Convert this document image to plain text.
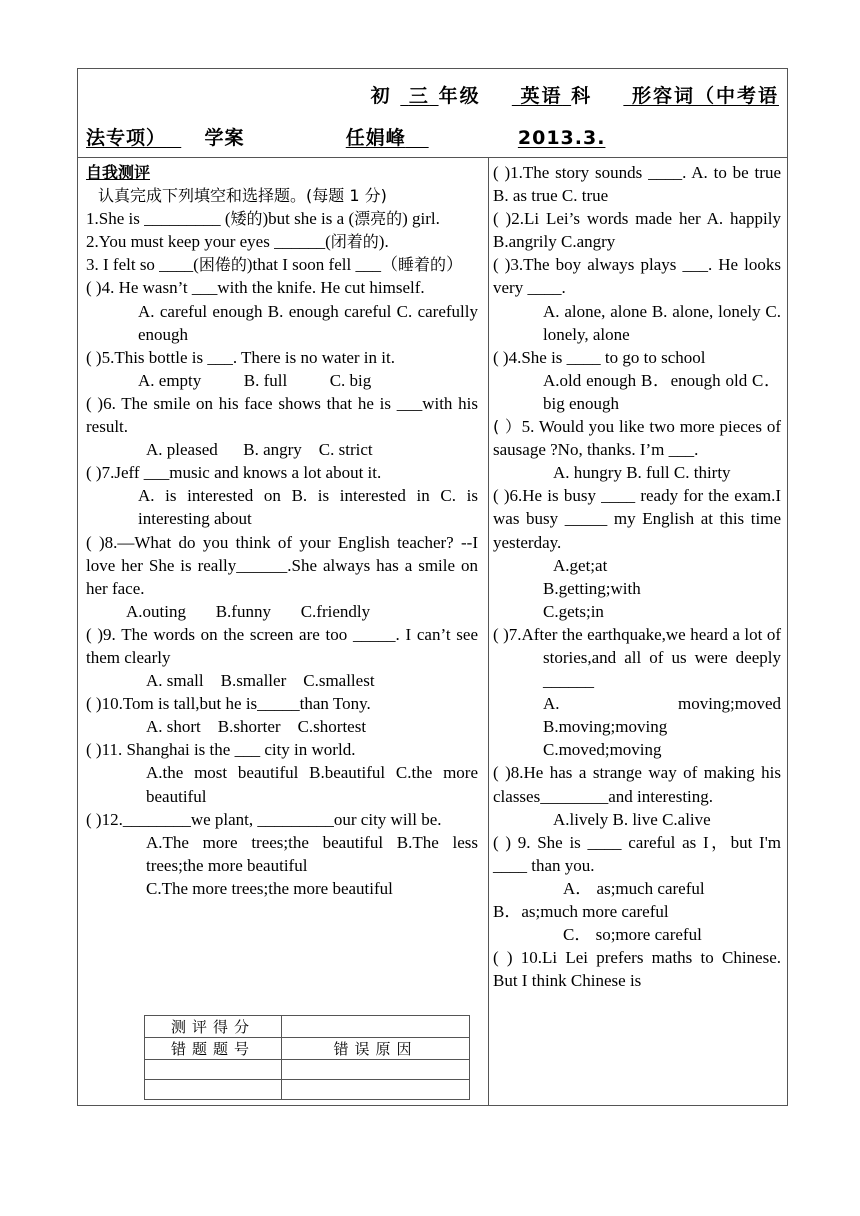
初 三 年级 英语 科 形容词（中考语
法专项） 学案	任娟峰	2013.3.

自我测评

认真完成下列填空和选择题。(每题 1 分)

1.She is _________ (矮的)but she is a (漂亮的) girl.

2.You must keep your eyes ______(闭着的).

3. I felt so ____(困倦的)that I soon fell ___（睡着的）

( )4. He wasn’t ___with the knife. He cut himself.

A. careful enough B. enough careful C. carefully enough

( )5.This bottle is ___. There is no water in it.

A. empty          B. full          C. big

( )6. The smile on his face shows that he is ___with his result.

A. pleased      B. angry    C. strict

( )7.Jeff ___music and knows a lot about it.

A. is interested on B. is interested in C. is interesting about

( )8.—What do you think of your English teacher? --I love her She is really______.She always has a smile on her face.

A.outing       B.funny       C.friendly

( )9. The words on the screen are too _____. I can’t see them clearly

A. small    B.smaller    C.smallest

( )10.Tom is tall,but he is_____than Tony.

A. short    B.shorter    C.shortest

( )11. Shanghai is the ___ city in world.

A.the most beautiful B.beautiful C.the more beautiful

( )12.________we plant, _________our city will be.

A.The more trees;the beautiful B.The less trees;the more beautiful

C.The more trees;the more beautiful

测评得分	
错题题号	错误原因

( )1.The story sounds ____. A. to be true B. as true C. true

( )2.Li Lei’s words made her A. happily B.angrily C.angry

( )3.The boy always plays ___. He looks very ____.

A. alone, alone B. alone, lonely C. lonely, alone

( )4.She is ____ to go to school

A.old enough B．enough old C．big enough

( ）5. Would you like two more pieces of sausage ?No, thanks. I’m ___.

A. hungry B. full C. thirty

( )6.He is busy ____ ready for the exam.I was busy _____ my English at this time yesterday.

A.get;at

B.getting;with

C.gets;in

( )7.After the earthquake,we heard a lot of stories,and all of us were deeply ______

A. moving;moved B.moving;moving C.moved;moving

( )8.He has a strange way of making his classes________and interesting.

A.lively B. live C.alive

( ) 9. She is ____ careful as I，but I'm ____ than you.

A． as;much careful

B．as;much more careful

C． so;more careful

( ) 10.Li Lei prefers maths to Chinese. But I think Chinese is
